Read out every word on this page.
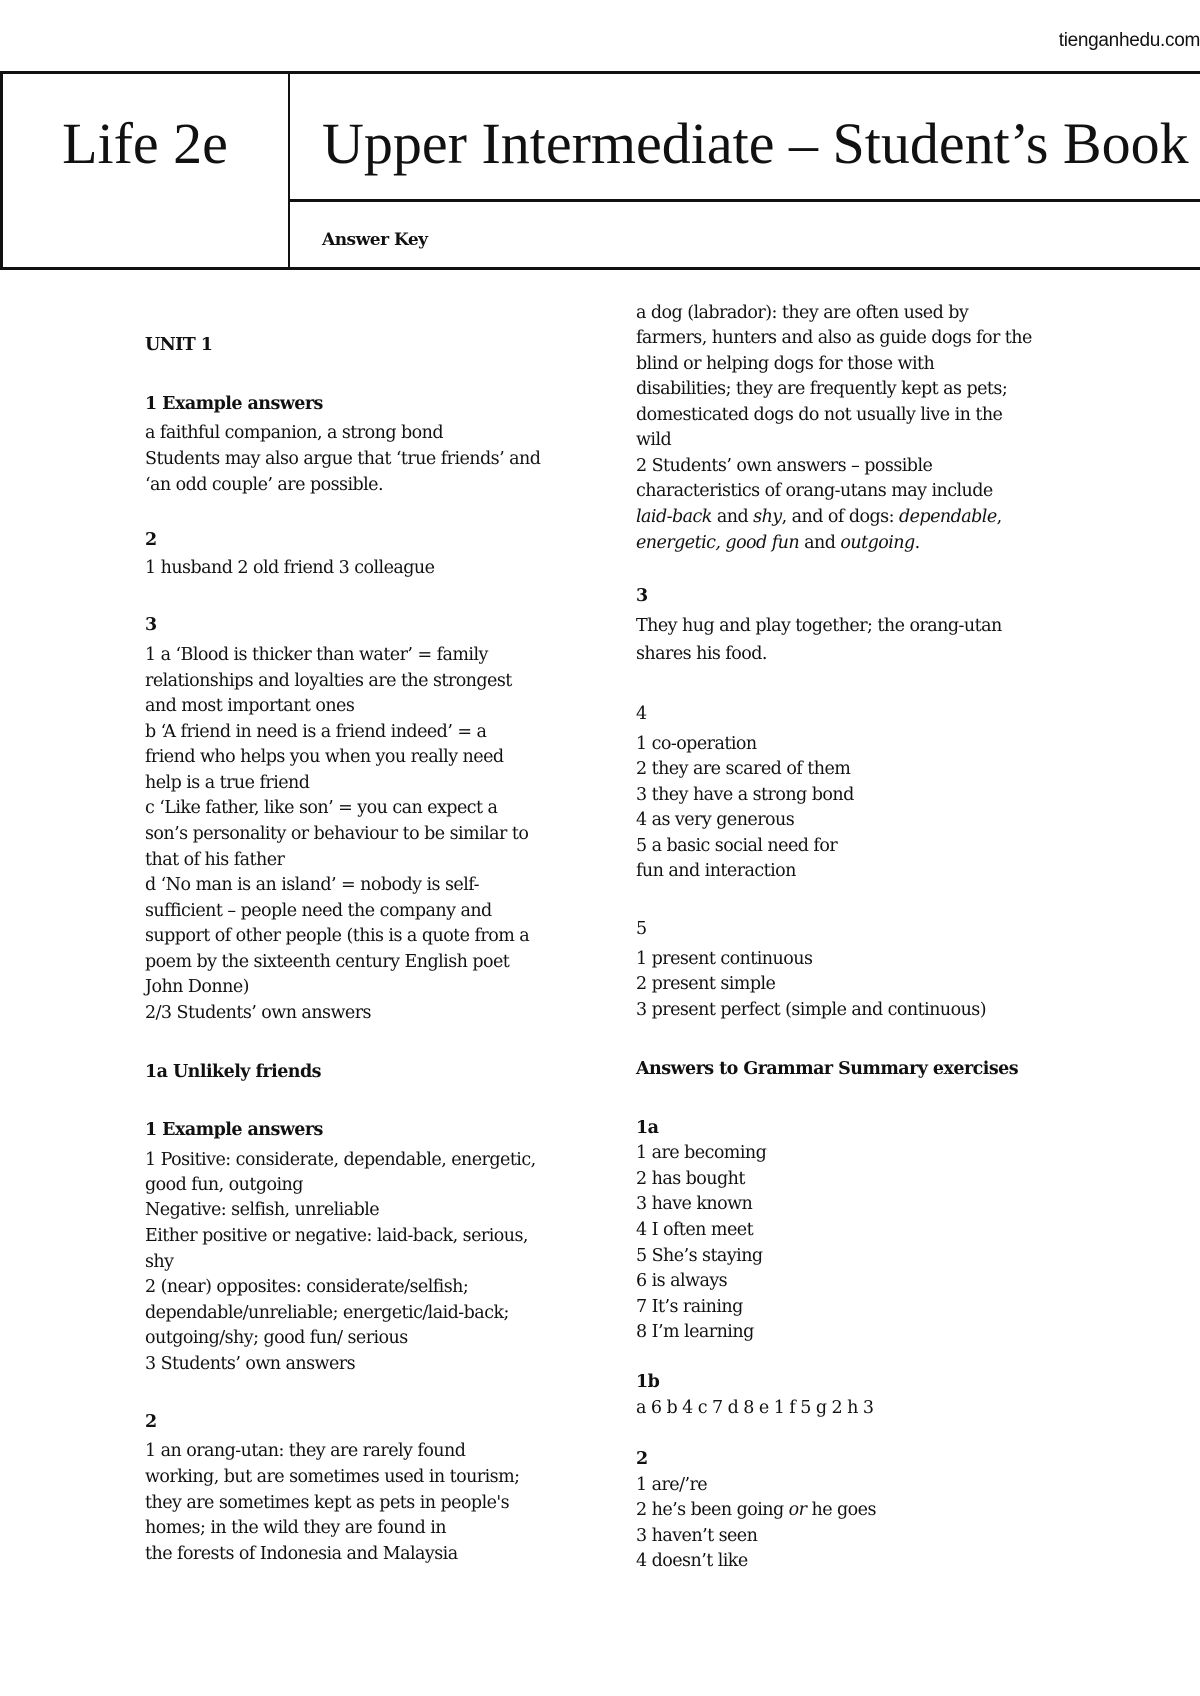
tienganhedu.com
Life 2e	Upper Intermediate – Student’s Book
Answer Key
UNIT 1
1 Example answers
a faithful companion, a strong bond
Students may also argue that ‘true friends’ and
‘an odd couple’ are possible.
2
1 husband 2 old friend 3 colleague
3
1 a ‘Blood is thicker than water’ = family
relationships and loyalties are the strongest
and most important ones
b ‘A friend in need is a friend indeed’ = a
friend who helps you when you really need
help is a true friend
c ‘Like father, like son’ = you can expect a
son’s personality or behaviour to be similar to
that of his father
d ‘No man is an island’ = nobody is self-
sufficient – people need the company and
support of other people (this is a quote from a
poem by the sixteenth century English poet
John Donne)
2/3 Students’ own answers
1a Unlikely friends
1 Example answers
1 Positive: considerate, dependable, energetic,
good fun, outgoing
Negative: selfish, unreliable
Either positive or negative: laid-back, serious,
shy
2 (near) opposites: considerate/selfish;
dependable/unreliable; energetic/laid-back;
outgoing/shy; good fun/ serious
3 Students’ own answers
2
1 an orang-utan: they are rarely found
working, but are sometimes used in tourism;
they are sometimes kept as pets in people's
homes; in the wild they are found in
the forests of Indonesia and Malaysia
a dog (labrador): they are often used by
farmers, hunters and also as guide dogs for the
blind or helping dogs for those with
disabilities; they are frequently kept as pets;
domesticated dogs do not usually live in the
wild
2 Students’ own answers – possible
characteristics of orang-utans may include
laid-back and shy, and of dogs: dependable,
energetic, good fun and outgoing.
3
They hug and play together; the orang-utan
shares his food.
4
1 co-operation
2 they are scared of them
3 they have a strong bond
4 as very generous
5 a basic social need for
fun and interaction
5
1 present continuous
2 present simple
3 present perfect (simple and continuous)
Answers to Grammar Summary exercises
1a
1 are becoming
2 has bought
3 have known
4 I often meet
5 She’s staying
6 is always
7 It’s raining
8 I’m learning
1b
a 6 b 4 c 7 d 8 e 1 f 5 g 2 h 3
2
1 are/’re
2 he’s been going or he goes
3 haven’t seen
4 doesn’t like
